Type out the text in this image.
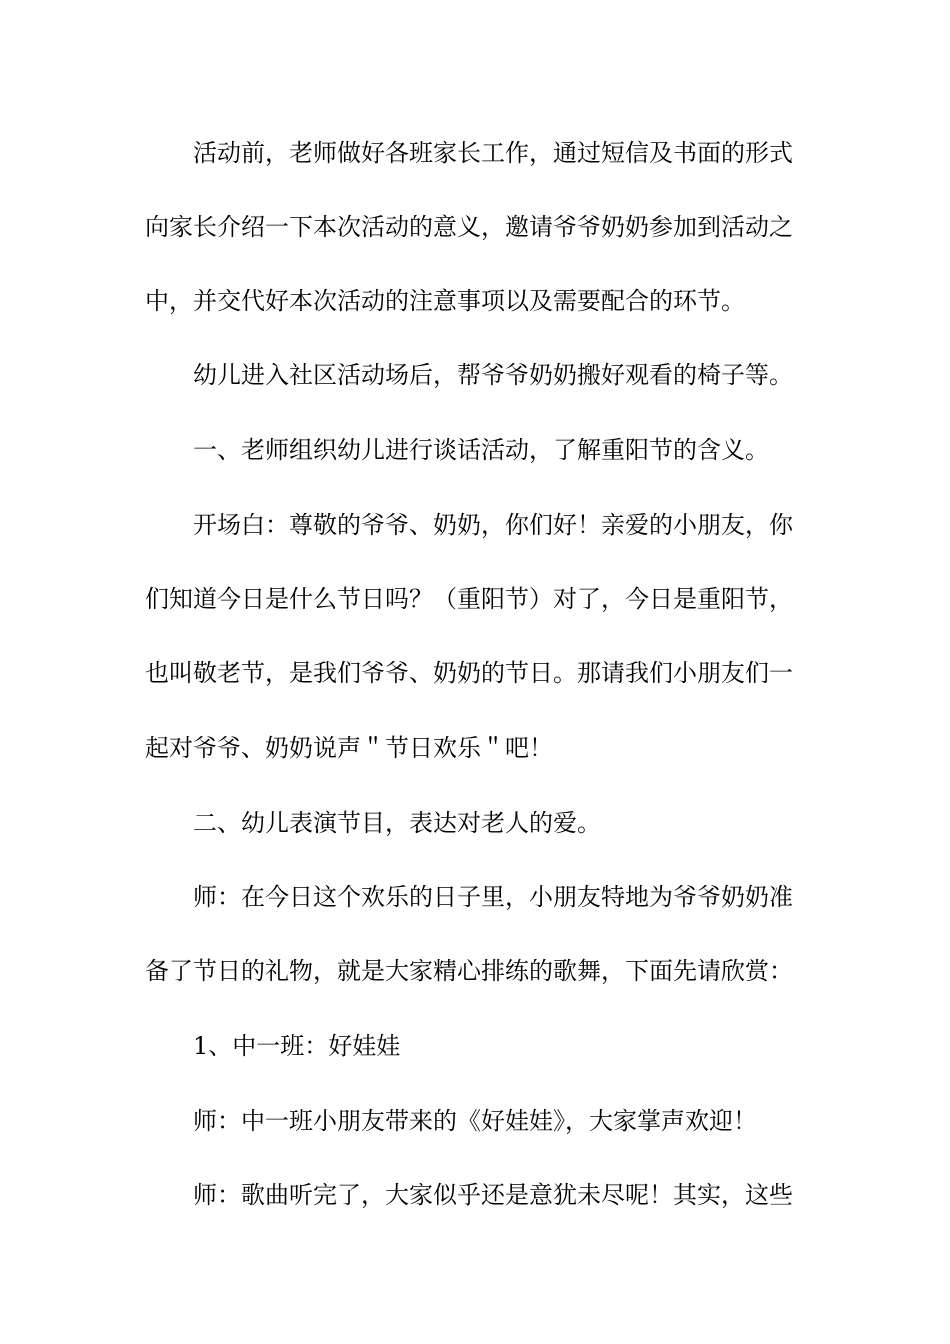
活动前，老师做好各班家长工作，通过短信及书面的形式
向家长介绍一下本次活动的意义，邀请爷爷奶奶参加到活动之
中，并交代好本次活动的注意事项以及需要配合的环节。
幼儿进入社区活动场后，帮爷爷奶奶搬好观看的椅子等。
一、老师组织幼儿进行谈话活动，了解重阳节的含义。
开场白：尊敬的爷爷、奶奶，你们好！亲爱的小朋友，你
们知道今日是什么节日吗？（重阳节）对了，今日是重阳节，
也叫敬老节，是我们爷爷、奶奶的节日。那请我们小朋友们一
起对爷爷、奶奶说声＂节日欢乐＂吧！
二、幼儿表演节目，表达对老人的爱。
师：在今日这个欢乐的日子里，小朋友特地为爷爷奶奶准
备了节日的礼物，就是大家精心排练的歌舞，下面先请欣赏：
1、中一班：好娃娃
师：中一班小朋友带来的《好娃娃》，大家掌声欢迎！
师：歌曲听完了，大家似乎还是意犹未尽呢！其实，这些
